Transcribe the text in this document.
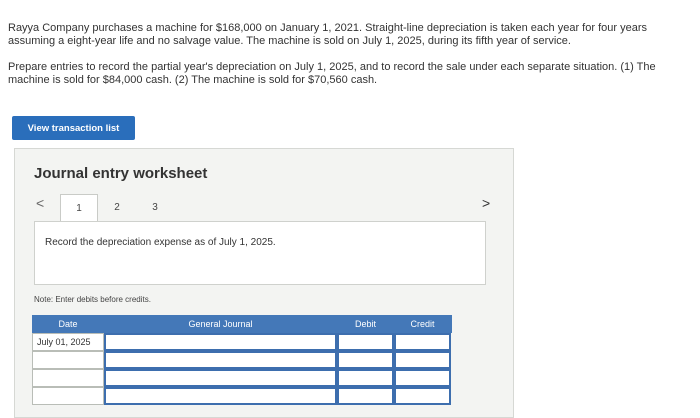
Rayya Company purchases a machine for $168,000 on January 1, 2021. Straight-line depreciation is taken each year for four years assuming a eight-year life and no salvage value. The machine is sold on July 1, 2025, during its fifth year of service.

Prepare entries to record the partial year's depreciation on July 1, 2025, and to record the sale under each separate situation. (1) The machine is sold for $84,000 cash. (2) The machine is sold for $70,560 cash.

View transaction list
Journal entry worksheet
<	>
1	2	3
Record the depreciation expense as of July 1, 2025.
Note: Enter debits before credits.
Date	General Journal	Debit	Credit
July 01, 2025
